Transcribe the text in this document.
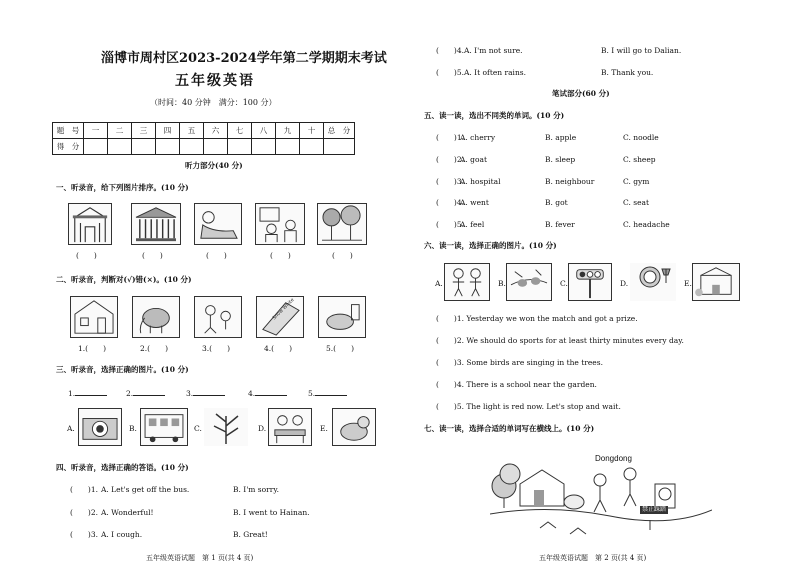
淄博市周村区2023-2024学年第二学期期末考试
五年级英语
（时间：40 分钟　满分：100 分）
题　号	一	二	三	四	五	六	七	八	九	十	总　分
得　分											
听力部分(40 分)
一、听录音，给下列图片排序。(10 分)
(　　)	(　　)	(　　)	(　　)	(　　)
二、听录音，判断对(√)错(×)。(10 分)
Snow White
1.(　　)	2.(　　)	3.(　　)	4.(　　)	5.(　　)
三、听录音，选择正确的图片。(10 分)
1.	2.	3.	4.	5.
A.	B.	C.	D.	E.
四、听录音，选择正确的答语。(10 分)
(　　)1. A. Let's get off the bus.	B. I'm sorry.
(　　)2. A. Wonderful!	B. I went to Hainan.
(　　)3. A. I cough.	B. Great!
五年级英语试题　第 1 页(共 4 页)
(　　)4. A. I'm not sure.	B. I will go to Dalian.
(　　)5. A. It often rains.	B. Thank you.
笔试部分(60 分)
五、读一读，选出不同类的单词。(10 分)
(　　)1.
A. cherry	B. apple	C. noodle
(　　)2.
A. goat	B. sleep	C. sheep
(　　)3.
A. hospital	B. neighbour	C. gym
(　　)4.
A. went	B. got	C. seat
(　　)5.
A. feel	B. fever	C. headache
六、读一读，选择正确的图片。(10 分)
A.	B.	C.	D.	E.
(　　)1. Yesterday we won the match and got a prize.
(　　)2. We should do sports for at least thirty minutes every day.
(　　)3. Some birds are singing in the trees.
(　　)4. There is a school near the garden.
(　　)5. The light is red now. Let's stop and wait.
七、读一读，选择合适的单词写在横线上。(10 分)
Dongdong
禁止踩踏
五年级英语试题　第 2 页(共 4 页)
